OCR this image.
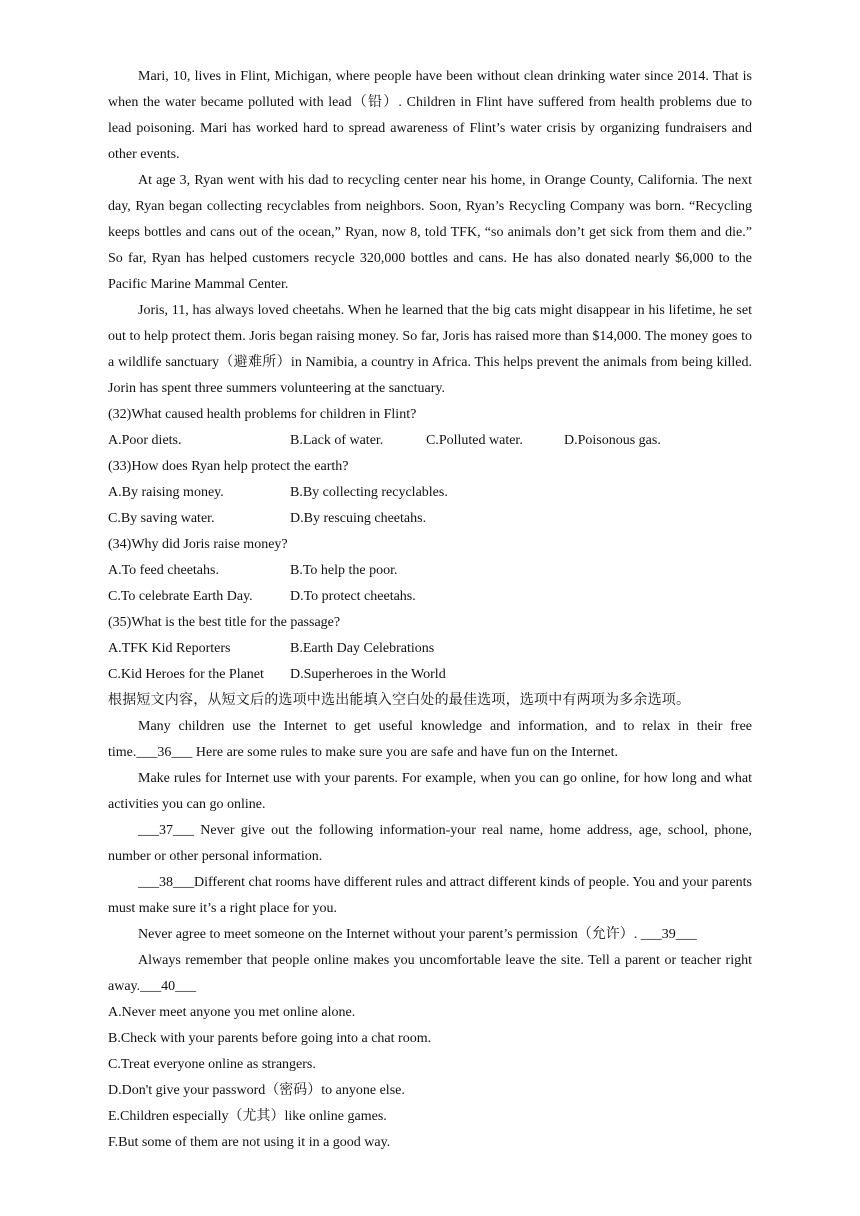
Mari, 10, lives in Flint, Michigan, where people have been without clean drinking water since 2014. That is when the water became polluted with lead（铅）. Children in Flint have suffered from health problems due to lead poisoning. Mari has worked hard to spread awareness of Flint’s water crisis by organizing fundraisers and other events.

At age 3, Ryan went with his dad to recycling center near his home, in Orange County, California. The next day, Ryan began collecting recyclables from neighbors. Soon, Ryan’s Recycling Company was born. “Recycling keeps bottles and cans out of the ocean,” Ryan, now 8, told TFK, “so animals don’t get sick from them and die.” So far, Ryan has helped customers recycle 320,000 bottles and cans. He has also donated nearly $6,000 to the Pacific Marine Mammal Center.

Joris, 11, has always loved cheetahs. When he learned that the big cats might disappear in his lifetime, he set out to help protect them. Joris began raising money. So far, Joris has raised more than $14,000. The money goes to a wildlife sanctuary（避难所）in Namibia, a country in Africa. This helps prevent the animals from being killed. Jorin has spent three summers volunteering at the sanctuary.

(32)What caused health problems for children in Flint?

A.Poor diets.	B.Lack of water.	C.Polluted water.	D.Poisonous gas.

(33)How does Ryan help protect the earth?

A.By raising money.	B.By collecting recyclables.
C.By saving water.	D.By rescuing cheetahs.

(34)Why did Joris raise money?

A.To feed cheetahs.	B.To help the poor.
C.To celebrate Earth Day.	D.To protect cheetahs.

(35)What is the best title for the passage?

A.TFK Kid Reporters	B.Earth Day Celebrations
C.Kid Heroes for the Planet	D.Superheroes in the World

根据短文内容，从短文后的选项中选出能填入空白处的最佳选项，选项中有两项为多余选项。

Many children use the Internet to get useful knowledge and information, and to relax in their free time.___36___ Here are some rules to make sure you are safe and have fun on the Internet.

Make rules for Internet use with your parents. For example, when you can go online, for how long and what activities you can go online.

___37___ Never give out the following information-your real name, home address, age, school, phone, number or other personal information.

___38___Different chat rooms have different rules and attract different kinds of people. You and your parents must make sure it’s a right place for you.

Never agree to meet someone on the Internet without your parent’s permission（允许）. ___39___

Always remember that people online makes you uncomfortable leave the site. Tell a parent or teacher right away.___40___

A.Never meet anyone you met online alone.

B.Check with your parents before going into a chat room.

C.Treat everyone online as strangers.

D.Don't give your password（密码）to anyone else.

E.Children especially（尤其）like online games.

F.But some of them are not using it in a good way.
